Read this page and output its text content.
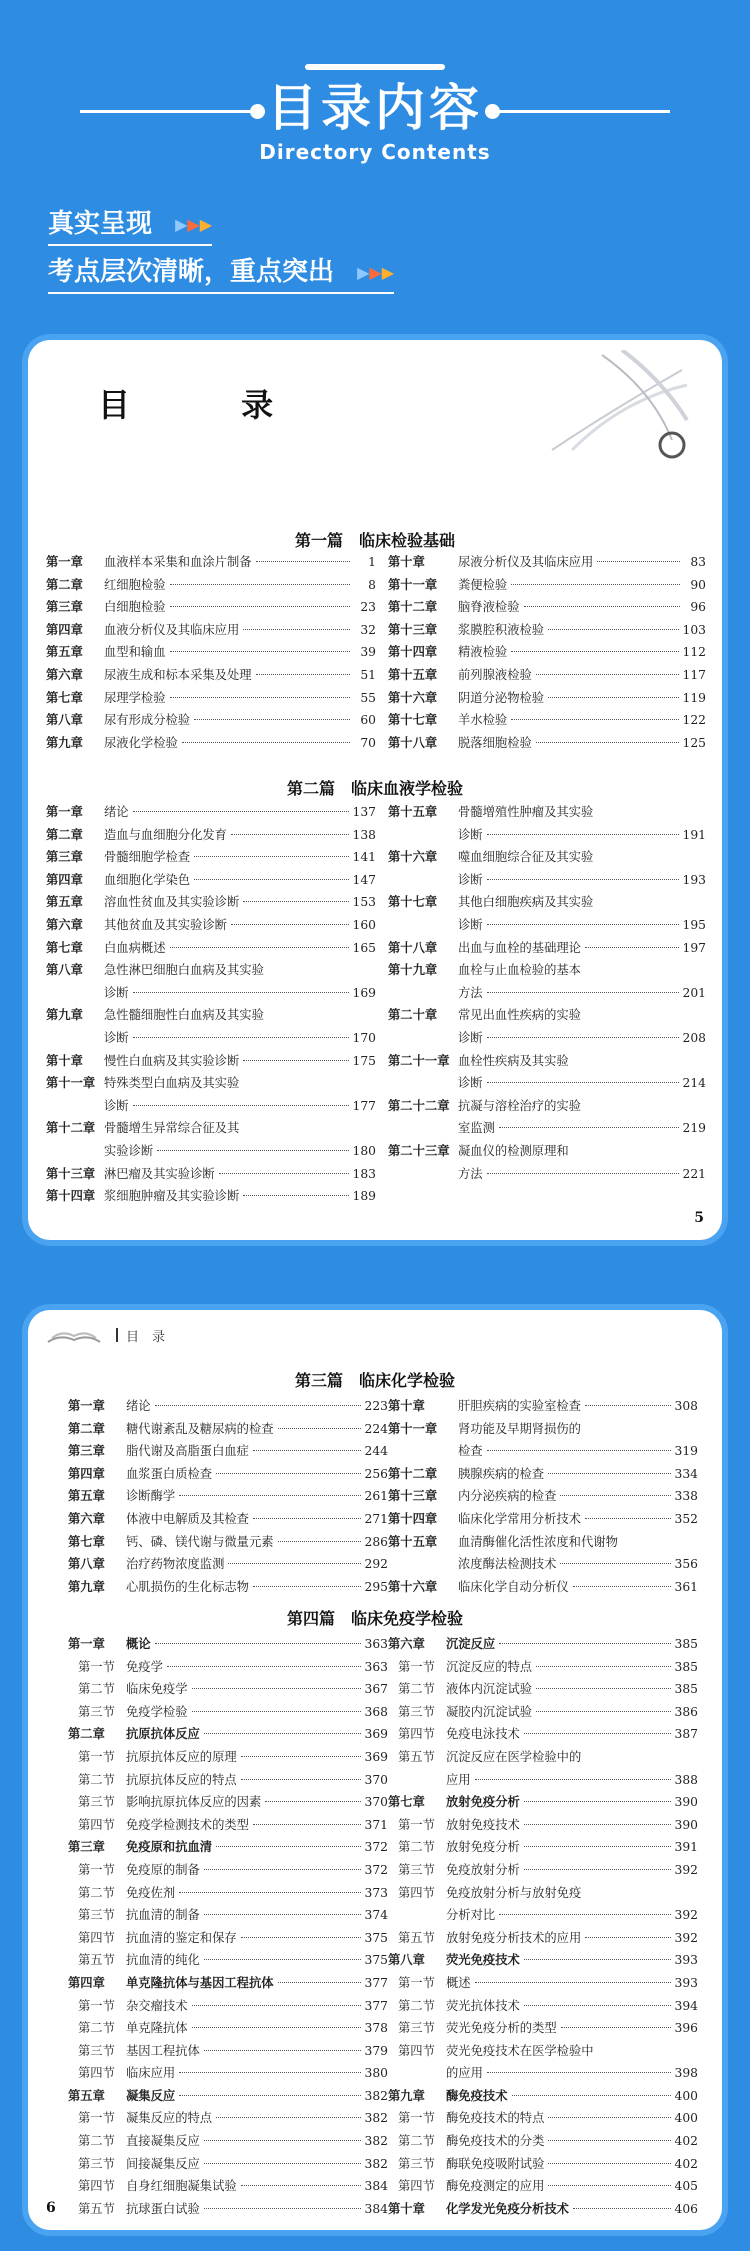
目录内容
Directory Contents
真实呈现 ▶▶▶
考点层次清晰，重点突出 ▶▶▶
目 录
第一篇　临床检验基础
第一章	血液样本采集和血涂片制备	1
第二章	红细胞检验	8
第三章	白细胞检验	23
第四章	血液分析仪及其临床应用	32
第五章	血型和输血	39
第六章	尿液生成和标本采集及处理	51
第七章	尿理学检验	55
第八章	尿有形成分检验	60
第九章	尿液化学检验	70
第十章	尿液分析仪及其临床应用	83
第十一章	粪便检验	90
第十二章	脑脊液检验	96
第十三章	浆膜腔积液检验	103
第十四章	精液检验	112
第十五章	前列腺液检验	117
第十六章	阴道分泌物检验	119
第十七章	羊水检验	122
第十八章	脱落细胞检验	125
第二篇　临床血液学检验
第一章	绪论	137
第二章	造血与血细胞分化发育	138
第三章	骨髓细胞学检查	141
第四章	血细胞化学染色	147
第五章	溶血性贫血及其实验诊断	153
第六章	其他贫血及其实验诊断	160
第七章	白血病概述	165
第八章	急性淋巴细胞白血病及其实验
诊断	169
第九章	急性髓细胞性白血病及其实验
诊断	170
第十章	慢性白血病及其实验诊断	175
第十一章 特殊类型白血病及其实验
诊断	177
第十二章 骨髓增生异常综合征及其
实验诊断	180
第十三章 淋巴瘤及其实验诊断	183
第十四章 浆细胞肿瘤及其实验诊断	189
第十五章	骨髓增殖性肿瘤及其实验
诊断	191
第十六章	噬血细胞综合征及其实验
诊断	193
第十七章	其他白细胞疾病及其实验
诊断	195
第十八章	出血与血栓的基础理论	197
第十九章	血栓与止血检验的基本
方法	201
第二十章	常见出血性疾病的实验
诊断	208
第二十一章 血栓性疾病及其实验
诊断	214
第二十二章 抗凝与溶栓治疗的实验
室监测	219
第二十三章 凝血仪的检测原理和
方法	221
5
目　录
第三篇　临床化学检验
第一章	绪论	223
第二章	糖代谢紊乱及糖尿病的检查	224
第三章	脂代谢及高脂蛋白血症	244
第四章	血浆蛋白质检查	256
第五章	诊断酶学	261
第六章	体液中电解质及其检查	271
第七章	钙、磷、镁代谢与微量元素	286
第八章	治疗药物浓度监测	292
第九章	心肌损伤的生化标志物	295
第十章	肝胆疾病的实验室检查	308
第十一章	肾功能及早期肾损伤的
检查	319
第十二章	胰腺疾病的检查	334
第十三章	内分泌疾病的检查	338
第十四章	临床化学常用分析技术	352
第十五章	血清酶催化活性浓度和代谢物
浓度酶法检测技术	356
第十六章	临床化学自动分析仪	361
第四篇　临床免疫学检验
第一章	概论	363
第一节 免疫学	363
第二节 临床免疫学	367
第三节 免疫学检验	368
第二章	抗原抗体反应	369
第一节 抗原抗体反应的原理	369
第二节 抗原抗体反应的特点	370
第三节 影响抗原抗体反应的因素	370
第四节 免疫学检测技术的类型	371
第三章	免疫原和抗血清	372
第一节 免疫原的制备	372
第二节 免疫佐剂	373
第三节 抗血清的制备	374
第四节 抗血清的鉴定和保存	375
第五节 抗血清的纯化	375
第四章	单克隆抗体与基因工程抗体	377
第一节 杂交瘤技术	377
第二节 单克隆抗体	378
第三节 基因工程抗体	379
第四节 临床应用	380
第五章	凝集反应	382
第一节 凝集反应的特点	382
第二节 直接凝集反应	382
第三节 间接凝集反应	382
第四节 自身红细胞凝集试验	384
第五节 抗球蛋白试验	384
第六章	沉淀反应	385
第一节 沉淀反应的特点	385
第二节 液体内沉淀试验	385
第三节 凝胶内沉淀试验	386
第四节 免疫电泳技术	387
第五节 沉淀反应在医学检验中的
应用	388
第七章	放射免疫分析	390
第一节 放射免疫技术	390
第二节 放射免疫分析	391
第三节 免疫放射分析	392
第四节 免疫放射分析与放射免疫
分析对比	392
第五节 放射免疫分析技术的应用	392
第八章	荧光免疫技术	393
第一节 概述	393
第二节 荧光抗体技术	394
第三节 荧光免疫分析的类型	396
第四节 荧光免疫技术在医学检验中
的应用	398
第九章	酶免疫技术	400
第一节 酶免疫技术的特点	400
第二节 酶免疫技术的分类	402
第三节 酶联免疫吸附试验	402
第四节 酶免疫测定的应用	405
第十章	化学发光免疫分析技术	406
6
